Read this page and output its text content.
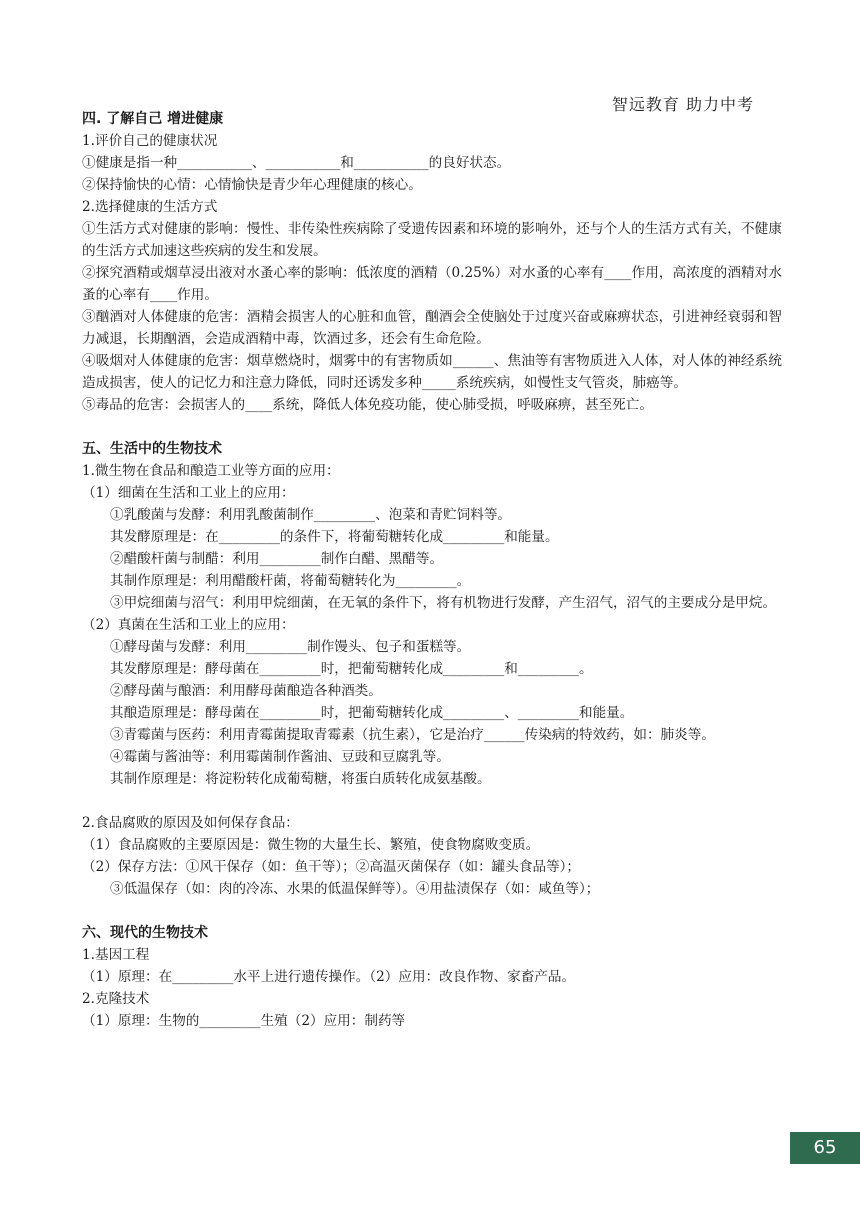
智远教育 助力中考
四. 了解自己 增进健康
1.评价自己的健康状况
①健康是指一种___________、___________和___________的良好状态。
②保持愉快的心情：心情愉快是青少年心理健康的核心。
2.选择健康的生活方式
①生活方式对健康的影响：慢性、非传染性疾病除了受遗传因素和环境的影响外，还与个人的生活方式有关，不健康的生活方式加速这些疾病的发生和发展。
②探究酒精或烟草浸出液对水蚤心率的影响：低浓度的酒精（0.25%）对水蚤的心率有____作用，高浓度的酒精对水蚤的心率有____作用。
③酗酒对人体健康的危害：酒精会损害人的心脏和血管，酗酒会全使脑处于过度兴奋或麻痹状态，引进神经衰弱和智力减退，长期酗酒，会造成酒精中毒，饮酒过多，还会有生命危险。
④吸烟对人体健康的危害：烟草燃烧时，烟雾中的有害物质如______、焦油等有害物质进入人体，对人体的神经系统造成损害，使人的记忆力和注意力降低，同时还诱发多种_____系统疾病，如慢性支气管炎，肺癌等。
⑤毒品的危害：会损害人的____系统，降低人体免疫功能，使心肺受损，呼吸麻痹，甚至死亡。
五、生活中的生物技术
1.微生物在食品和酿造工业等方面的应用：
（1）细菌在生活和工业上的应用：
①乳酸菌与发酵：利用乳酸菌制作_________、泡菜和青贮饲料等。
其发酵原理是：在_________的条件下，将葡萄糖转化成_________和能量。
②醋酸杆菌与制醋：利用_________制作白醋、黑醋等。
其制作原理是：利用醋酸杆菌，将葡萄糖转化为_________。
③甲烷细菌与沼气：利用甲烷细菌，在无氧的条件下，将有机物进行发酵，产生沼气，沼气的主要成分是甲烷。
（2）真菌在生活和工业上的应用：
①酵母菌与发酵：利用_________制作馒头、包子和蛋糕等。
其发酵原理是：酵母菌在_________时，把葡萄糖转化成_________和_________。
②酵母菌与酿酒：利用酵母菌酿造各种酒类。
其酿造原理是：酵母菌在_________时，把葡萄糖转化成_________、_________和能量。
③青霉菌与医药：利用青霉菌提取青霉素（抗生素），它是治疗______传染病的特效药，如：肺炎等。
④霉菌与酱油等：利用霉菌制作酱油、豆豉和豆腐乳等。
其制作原理是：将淀粉转化成葡萄糖，将蛋白质转化成氨基酸。
2.食品腐败的原因及如何保存食品：
（1）食品腐败的主要原因是：微生物的大量生长、繁殖，使食物腐败变质。
（2）保存方法：①风干保存（如：鱼干等）；②高温灭菌保存（如：罐头食品等）；
③低温保存（如：肉的冷冻、水果的低温保鲜等）。④用盐渍保存（如：咸鱼等）；
六、现代的生物技术
1.基因工程
（1）原理：在_________水平上进行遗传操作。（2）应用：改良作物、家畜产品。
2.克隆技术
（1）原理：生物的_________生殖（2）应用：制药等
65
